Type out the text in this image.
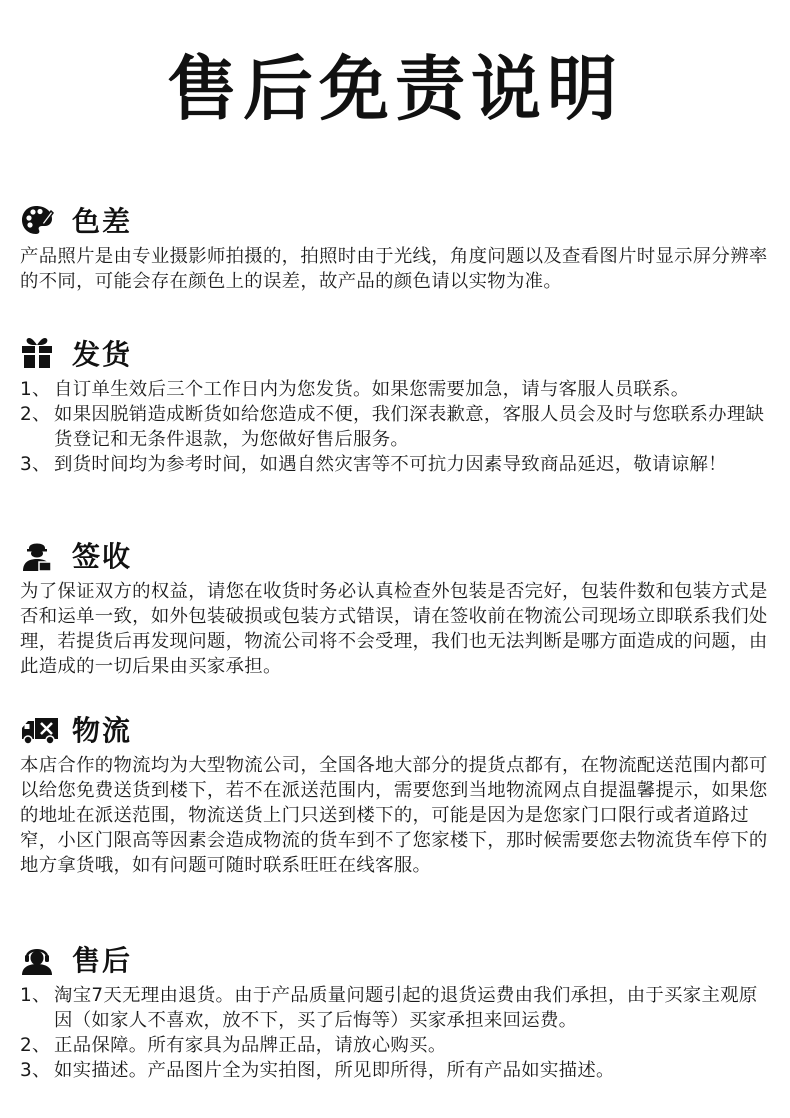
售后免责说明
色差
产品照片是由专业摄影师拍摄的，拍照时由于光线，角度问题以及查看图片时显示屏分辨率的不同，可能会存在颜色上的误差，故产品的颜色请以实物为准。
发货
1、 自订单生效后三个工作日内为您发货。如果您需要加急，请与客服人员联系。
2、 如果因脱销造成断货如给您造成不便，我们深表歉意，客服人员会及时与您联系办理缺货登记和无条件退款，为您做好售后服务。
3、 到货时间均为参考时间，如遇自然灾害等不可抗力因素导致商品延迟，敬请谅解！
签收
为了保证双方的权益，请您在收货时务必认真检查外包装是否完好，包装件数和包装方式是否和运单一致，如外包装破损或包装方式错误，请在签收前在物流公司现场立即联系我们处理，若提货后再发现问题，物流公司将不会受理，我们也无法判断是哪方面造成的问题，由此造成的一切后果由买家承担。
物流
本店合作的物流均为大型物流公司，全国各地大部分的提货点都有，在物流配送范围内都可以给您免费送货到楼下，若不在派送范围内，需要您到当地物流网点自提温馨提示，如果您的地址在派送范围，物流送货上门只送到楼下的，可能是因为是您家门口限行或者道路过窄，小区门限高等因素会造成物流的货车到不了您家楼下，那时候需要您去物流货车停下的地方拿货哦，如有问题可随时联系旺旺在线客服。
售后
1、 淘宝7天无理由退货。由于产品质量问题引起的退货运费由我们承担，由于买家主观原因（如家人不喜欢，放不下，买了后悔等）买家承担来回运费。
2、 正品保障。所有家具为品牌正品，请放心购买。
3、 如实描述。产品图片全为实拍图，所见即所得，所有产品如实描述。
